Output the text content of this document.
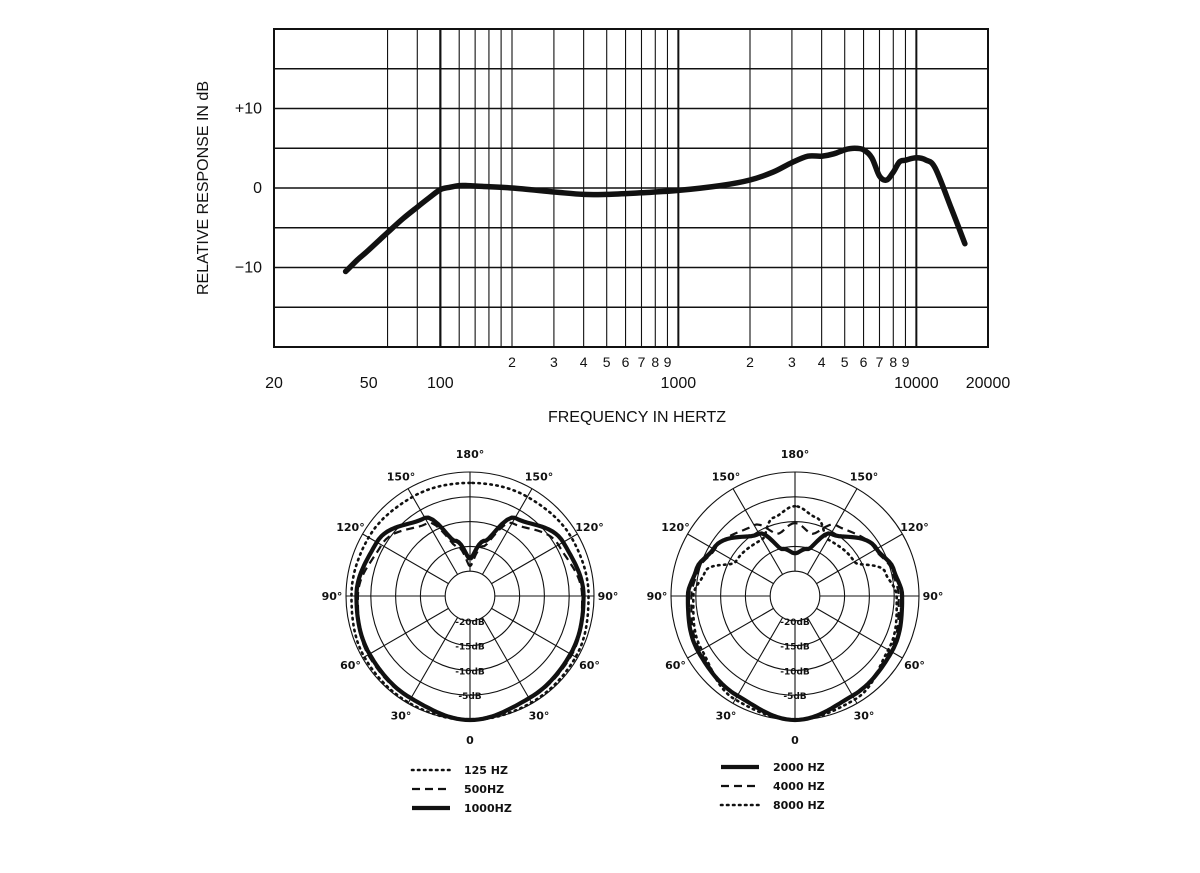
RELATIVE RESPONSE IN dB
FREQUENCY IN HERTZ
+10
0
−10
20	50	100	1000	10000 20000
2 3 4 5 6 7 8 9	2 3 4 5 6 7 8 9
180°
150°	150°
120°	120°
90°	90°
60°	60°
30°	30°
0
-20dB
-15dB
-10dB
-5dB
180°
150°	150°
120°	120°
90°	90°
60°	60°
30°	30°
0
-20dB
-15dB
-10dB
-5dB
125 HZ
500HZ
1000HZ
2000 HZ
4000 HZ
8000 HZ
